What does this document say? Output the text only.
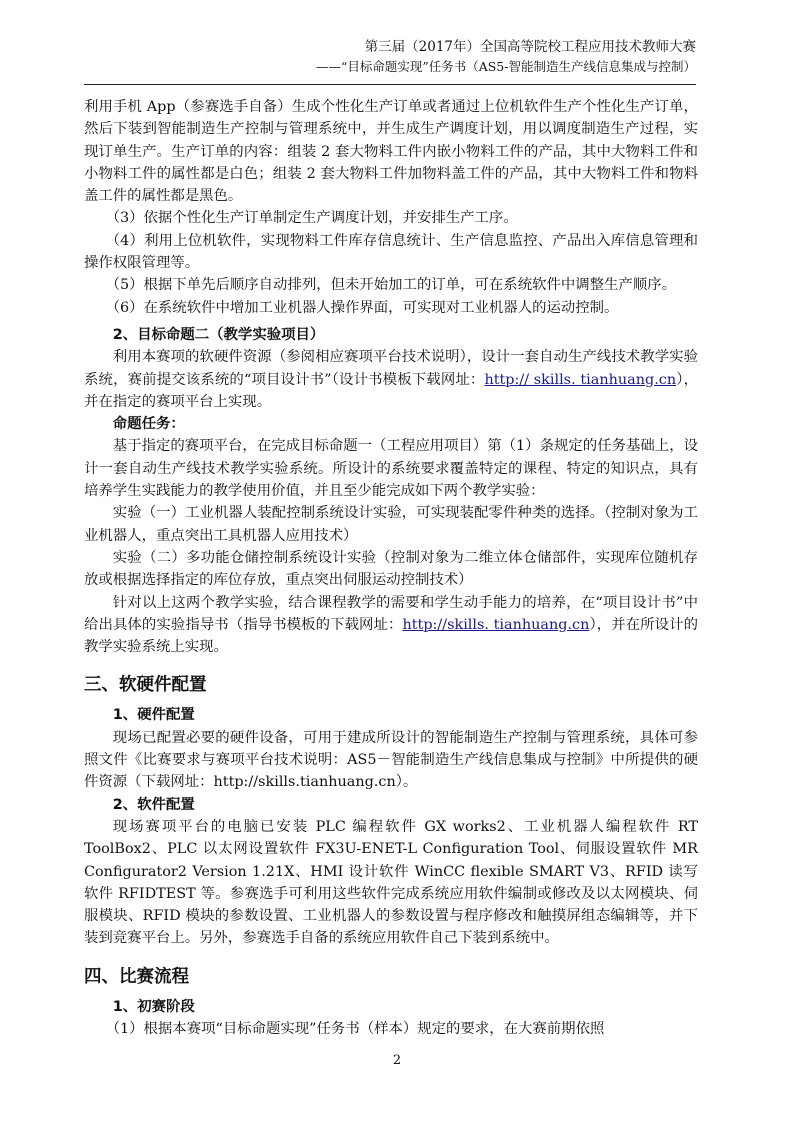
第三届（2017年）全国高等院校工程应用技术教师大赛
——“目标命题实现”任务书（AS5-智能制造生产线信息集成与控制）

利用手机 App（参赛选手自备）生成个性化生产订单或者通过上位机软件生产个性化生产订单，然后下装到智能制造生产控制与管理系统中，并生成生产调度计划，用以调度制造生产过程，实现订单生产。生产订单的内容：组装 2 套大物料工件内嵌小物料工件的产品，其中大物料工件和小物料工件的属性都是白色；组装 2 套大物料工件加物料盖工件的产品，其中大物料工件和物料盖工件的属性都是黑色。

（3）依据个性化生产订单制定生产调度计划，并安排生产工序。

（4）利用上位机软件，实现物料工件库存信息统计、生产信息监控、产品出入库信息管理和操作权限管理等。

（5）根据下单先后顺序自动排列，但未开始加工的订单，可在系统软件中调整生产顺序。

（6）在系统软件中增加工业机器人操作界面，可实现对工业机器人的运动控制。

2、目标命题二（教学实验项目）

利用本赛项的软硬件资源（参阅相应赛项平台技术说明），设计一套自动生产线技术教学实验系统，赛前提交该系统的“项目设计书”（设计书模板下载网址：http:// skills. tianhuang.cn），并在指定的赛项平台上实现。

命题任务：

基于指定的赛项平台，在完成目标命题一（工程应用项目）第（1）条规定的任务基础上，设计一套自动生产线技术教学实验系统。所设计的系统要求覆盖特定的课程、特定的知识点，具有培养学生实践能力的教学使用价值，并且至少能完成如下两个教学实验：

实验（一）工业机器人装配控制系统设计实验，可实现装配零件种类的选择。（控制对象为工业机器人，重点突出工具机器人应用技术）

实验（二）多功能仓储控制系统设计实验（控制对象为二维立体仓储部件，实现库位随机存放或根据选择指定的库位存放，重点突出伺服运动控制技术）

针对以上这两个教学实验，结合课程教学的需要和学生动手能力的培养，在“项目设计书”中给出具体的实验指导书（指导书模板的下载网址：http://skills. tianhuang.cn），并在所设计的教学实验系统上实现。

三、软硬件配置

1、硬件配置

现场已配置必要的硬件设备，可用于建成所设计的智能制造生产控制与管理系统，具体可参照文件《比赛要求与赛项平台技术说明：AS5－智能制造生产线信息集成与控制》中所提供的硬件资源（下载网址：http://skills.tianhuang.cn）。

2、软件配置

现场赛项平台的电脑已安装 PLC 编程软件 GX works2、工业机器人编程软件 RT ToolBox2、PLC 以太网设置软件 FX3U-ENET-L Configuration Tool、伺服设置软件 MR Configurator2 Version 1.21X、HMI 设计软件 WinCC flexible SMART V3、RFID 读写软件 RFIDTEST 等。参赛选手可利用这些软件完成系统应用软件编制或修改及以太网模块、伺服模块、RFID 模块的参数设置、工业机器人的参数设置与程序修改和触摸屏组态编辑等，并下装到竞赛平台上。另外，参赛选手自备的系统应用软件自己下装到系统中。

四、比赛流程

1、初赛阶段

（1）根据本赛项“目标命题实现”任务书（样本）规定的要求，在大赛前期依照

2
